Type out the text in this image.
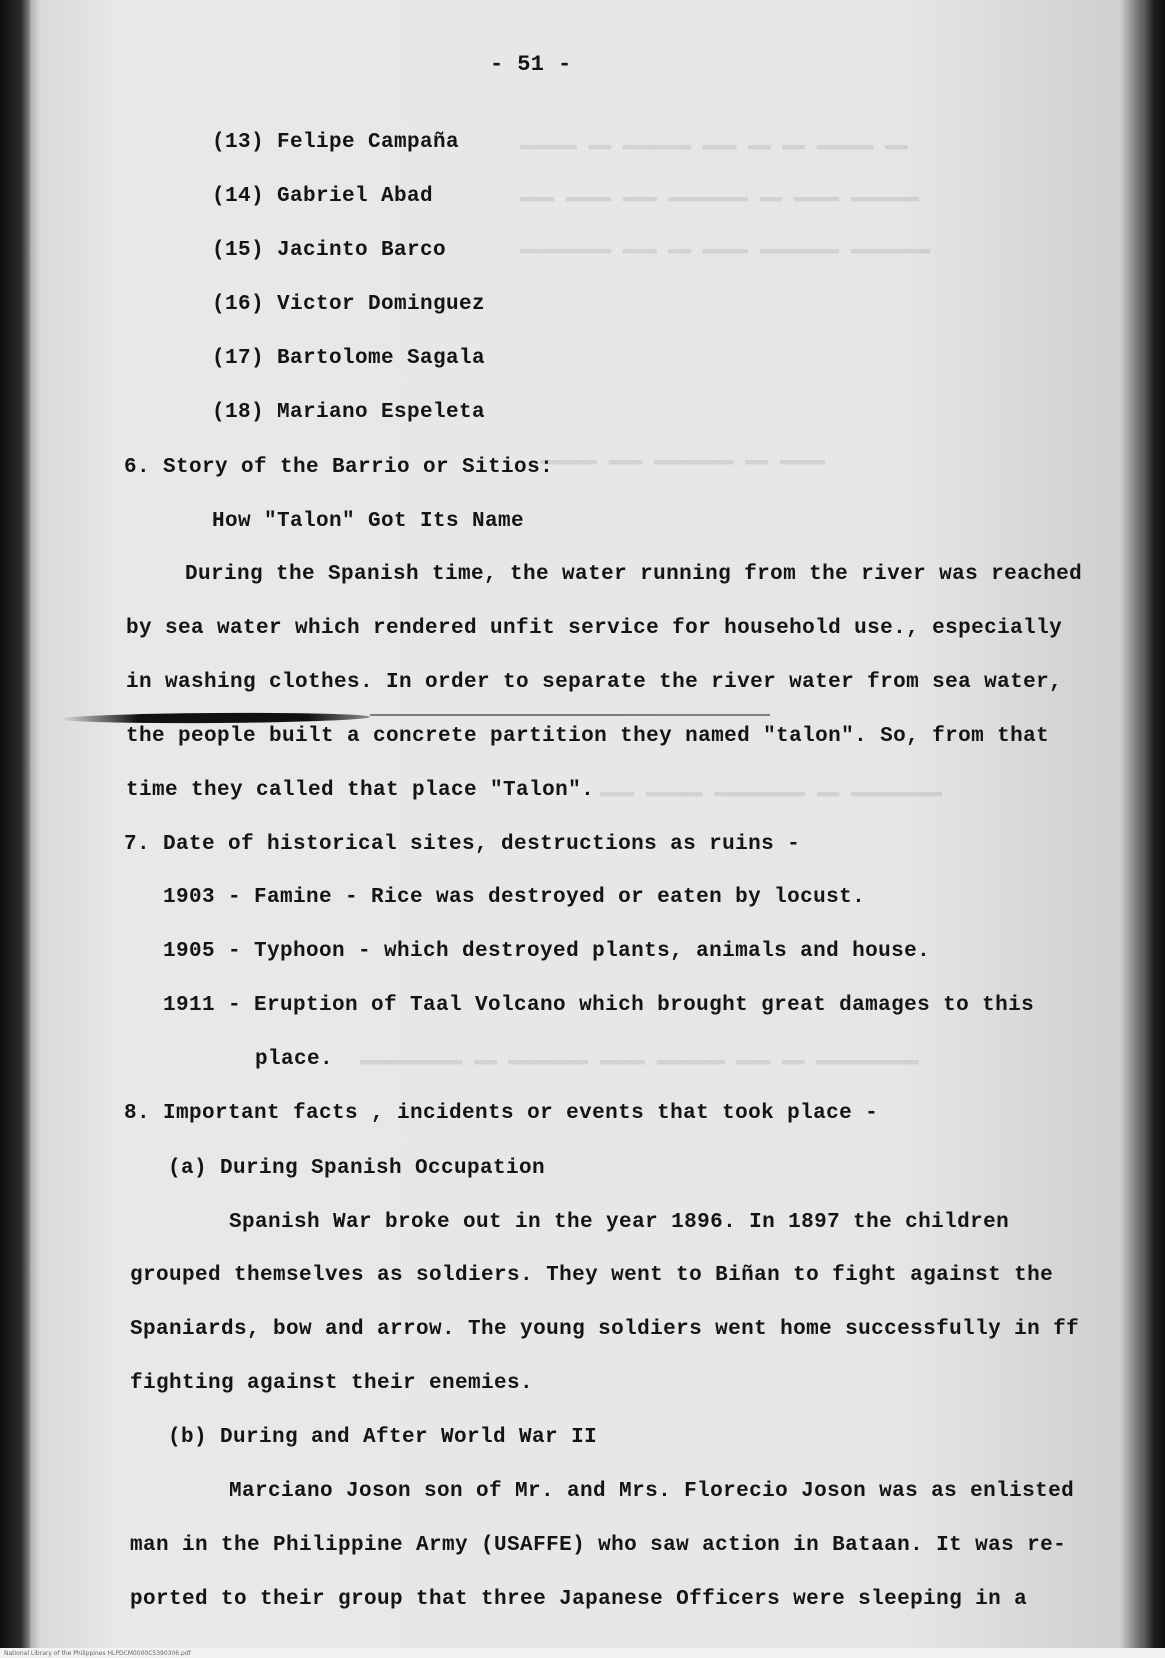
▬▬ ▬▬▬▬▬ ▬▬ ▬▬ ▬▬▬ ▬▬▬▬▬▬ ▬▬ ▬▬▬▬▬
▬▬▬▬▬▬ ▬▬▬▬ ▬▬ ▬▬▬▬▬▬▬ ▬▬▬ ▬▬▬▬ ▬▬▬
▬▬▬▬▬▬▬ ▬▬▬▬▬▬▬ ▬▬▬▬ ▬▬ ▬▬▬ ▬▬▬▬▬▬▬▬
▬▬▬▬ ▬▬ ▬▬▬▬▬▬▬ ▬▬▬ ▬▬▬▬▬
▬▬▬▬▬▬▬▬ ▬▬ ▬▬▬▬▬▬▬▬ ▬▬▬▬▬ ▬▬▬
▬▬▬▬▬▬▬▬▬ ▬▬ ▬▬▬ ▬▬▬▬▬▬ ▬▬▬▬ ▬▬▬▬▬▬▬ ▬▬ ▬▬▬▬▬▬▬▬▬
- 51 -
(13) Felipe Campaña
(14) Gabriel Abad
(15) Jacinto Barco
(16) Victor Dominguez
(17) Bartolome Sagala
(18) Mariano Espeleta
6. Story of the Barrio or Sitios:
How "Talon" Got Its Name
During the Spanish time, the water running from the river was reached
by sea water which rendered unfit service for household use., especially
in washing clothes. In order to separate the river water from sea water,
the people built a concrete partition they named "talon". So, from that
time they called that place "Talon".
7. Date of historical sites, destructions as ruins -
1903 - Famine - Rice was destroyed or eaten by locust.
1905 - Typhoon - which destroyed plants, animals and house.
1911 - Eruption of Taal Volcano which brought great damages to this
place.
8. Important facts , incidents or events that took place -
(a) During Spanish Occupation
Spanish War broke out in the year 1896. In 1897 the children
grouped themselves as soldiers. They went to Biñan to fight against the
Spaniards, bow and arrow. The young soldiers went home successfully in ff
fighting against their enemies.
(b) During and After World War II
Marciano Joson son of Mr. and Mrs. Florecio Joson was as enlisted
man in the Philippine Army (USAFFE) who saw action in Bataan. It was re-
ported to their group that three Japanese Officers were sleeping in a
National Library of the Philippines HLPDCM0000C5390306.pdf
